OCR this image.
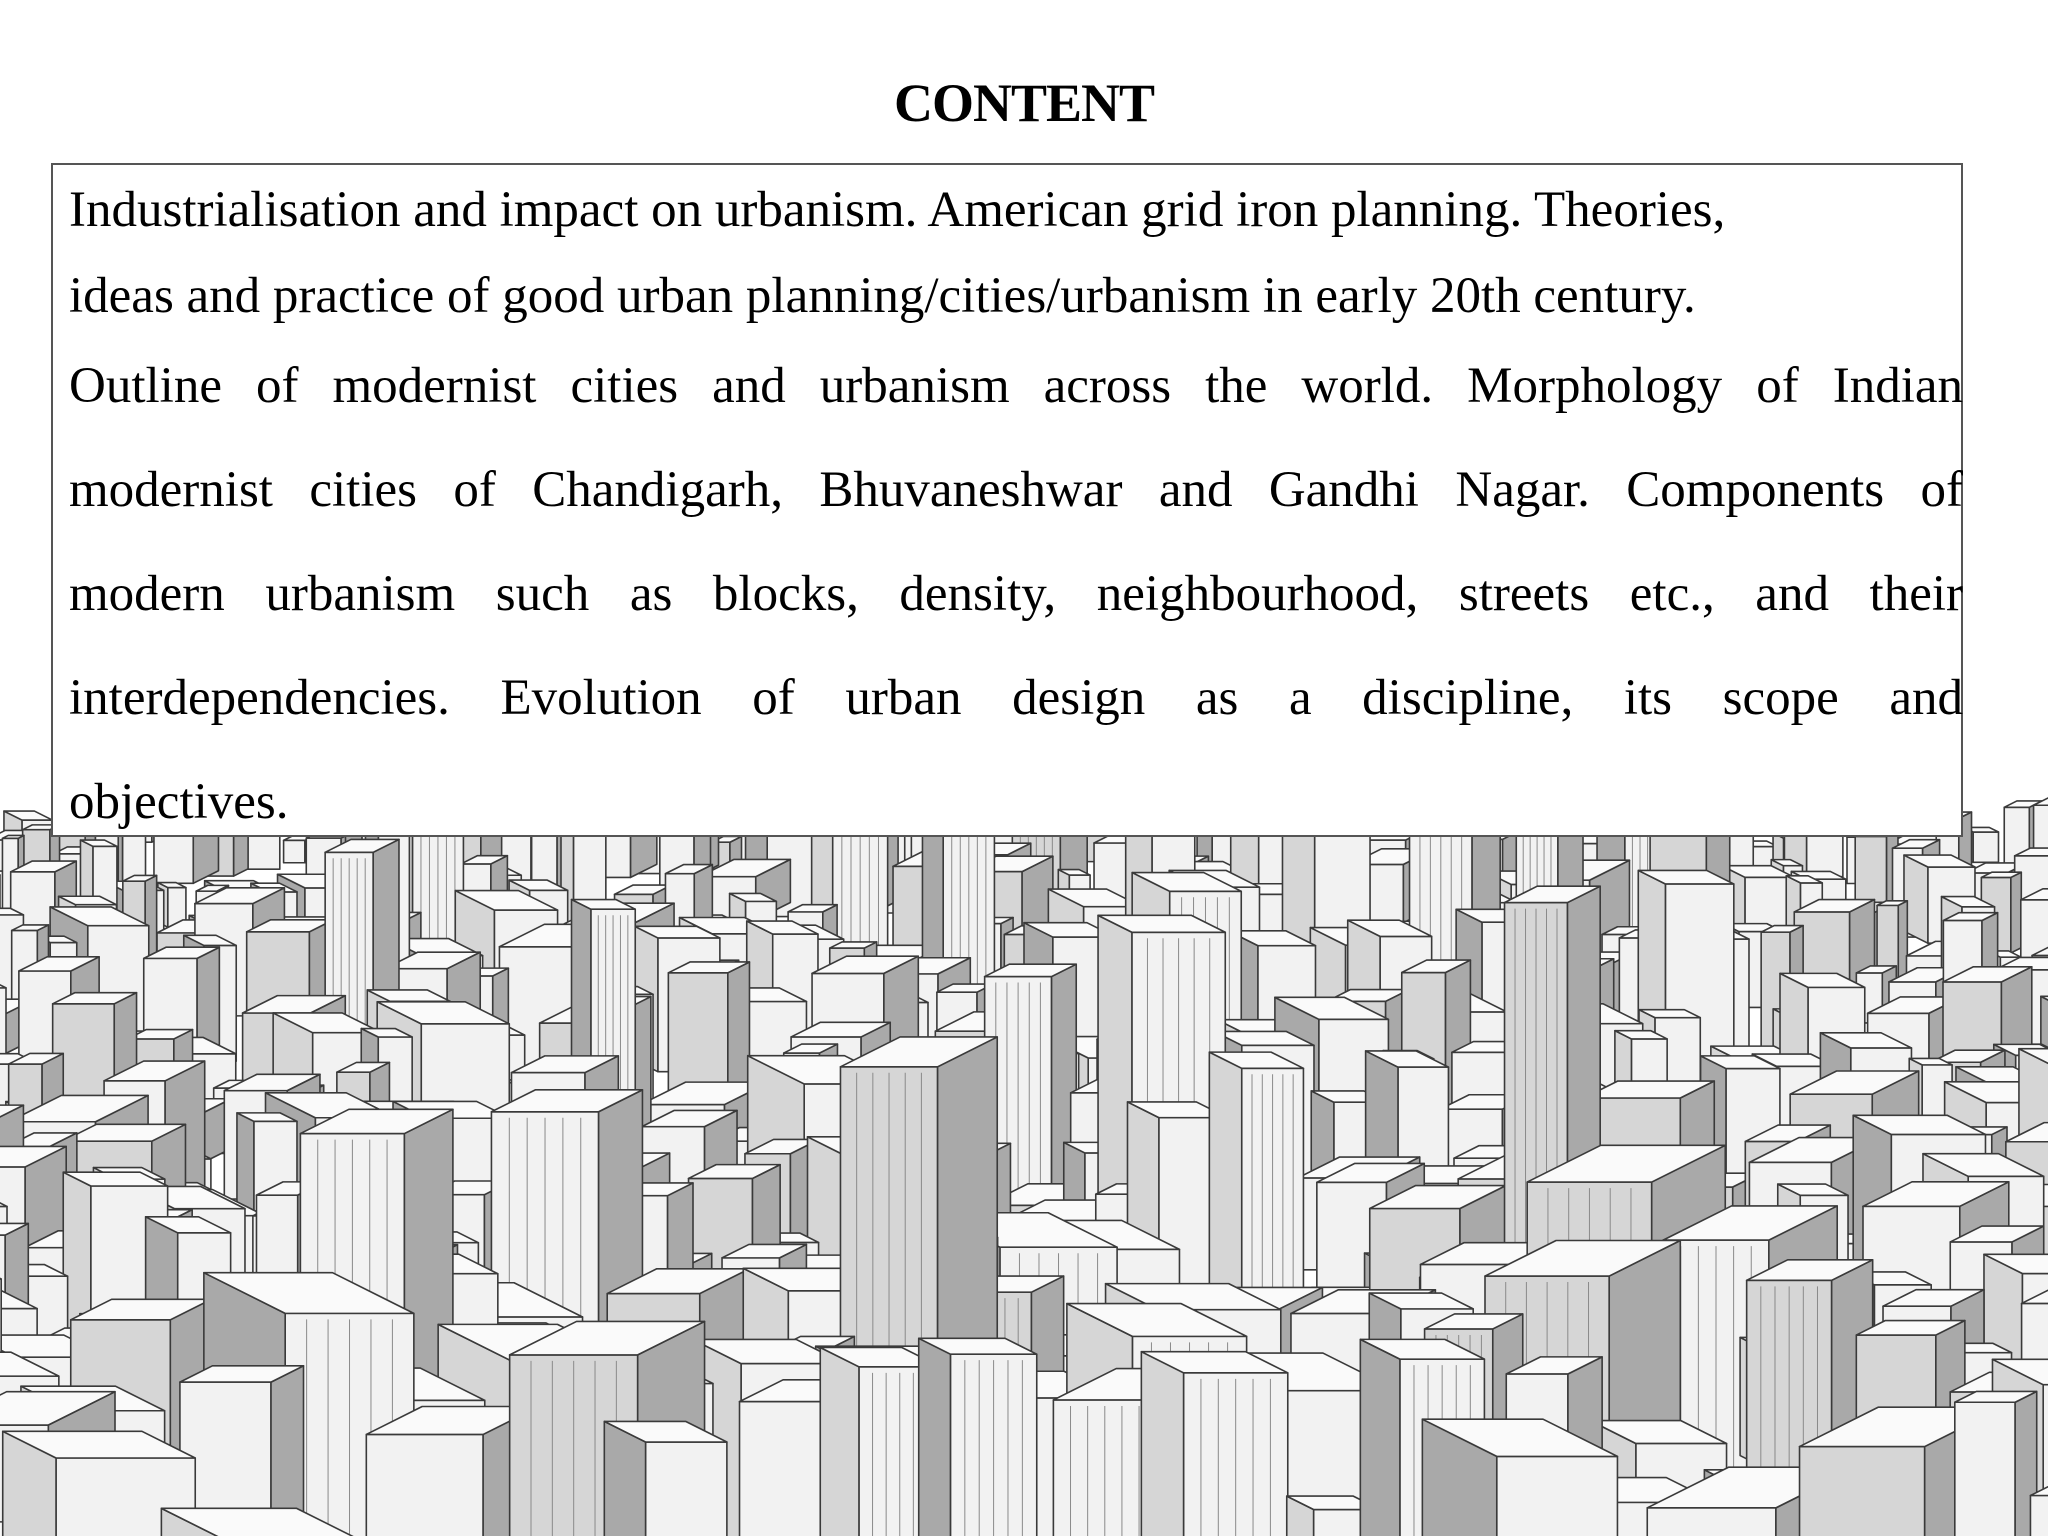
CONTENT
Industrialisation and impact on urbanism. American grid iron planning. Theories,
ideas and practice of good urban planning/cities/urbanism in early 20th century.
Outline of modernist cities and urbanism across the world. Morphology of Indian
modernist cities of Chandigarh, Bhuvaneshwar and Gandhi Nagar. Components of
modern urbanism such as blocks, density, neighbourhood, streets etc., and their
interdependencies. Evolution of urban design as a discipline, its scope and
objectives.
